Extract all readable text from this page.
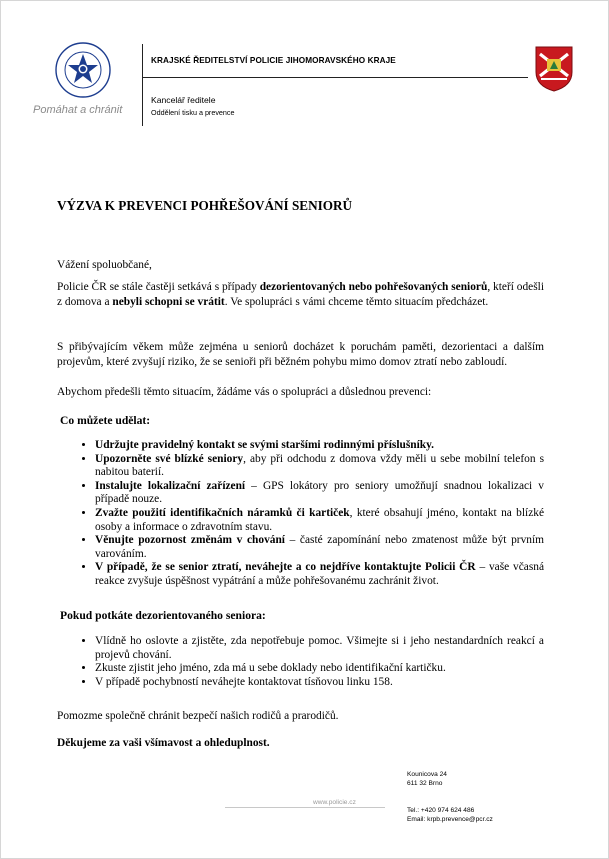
Pomáhat a chránit
KRAJSKÉ ŘEDITELSTVÍ POLICIE JIHOMORAVSKÉHO KRAJE
Kancelář ředitele
Oddělení tisku a prevence
VÝZVA K PREVENCI POHŘEŠOVÁNÍ SENIORŮ
Vážení spoluobčané,
Policie ČR se stále častěji setkává s případy dezorientovaných nebo pohřešovaných seniorů, kteří odešli z domova a nebyli schopni se vrátit. Ve spolupráci s vámi chceme těmto situacím předcházet.
S přibývajícím věkem může zejména u seniorů docházet k poruchám paměti, dezorientaci a dalším projevům, které zvyšují riziko, že se senioři při běžném pohybu mimo domov ztratí nebo zabloudí.
Abychom předešli těmto situacím, žádáme vás o spolupráci a důslednou prevenci:
Co můžete udělat:
• Udržujte pravidelný kontakt se svými staršími rodinnými příslušníky.
• Upozorněte své blízké seniory, aby při odchodu z domova vždy měli u sebe mobilní telefon s nabitou baterií.
• Instalujte lokalizační zařízení – GPS lokátory pro seniory umožňují snadnou lokalizaci v případě nouze.
• Zvažte použití identifikačních náramků či kartiček, které obsahují jméno, kontakt na blízké osoby a informace o zdravotním stavu.
• Věnujte pozornost změnám v chování – časté zapomínání nebo zmatenost může být prvním varováním.
• V případě, že se senior ztratí, neváhejte a co nejdříve kontaktujte Policii ČR – vaše včasná reakce zvyšuje úspěšnost vypátrání a může pohřešovanému zachránit život.
Pokud potkáte dezorientovaného seniora:
• Vlídně ho oslovte a zjistěte, zda nepotřebuje pomoc. Všimejte si i jeho nestandardních reakcí a projevů chování.
• Zkuste zjistit jeho jméno, zda má u sebe doklady nebo identifikační kartičku.
• V případě pochybností neváhejte kontaktovat tísňovou linku 158.
Pomozme společně chránit bezpečí našich rodičů a prarodičů.
Děkujeme za vaši všímavost a ohleduplnost.
www.policie.cz
Kounicova 24
611 32 Brno
Tel.: +420 974 624 486
Email: krpb.prevence@pcr.cz
